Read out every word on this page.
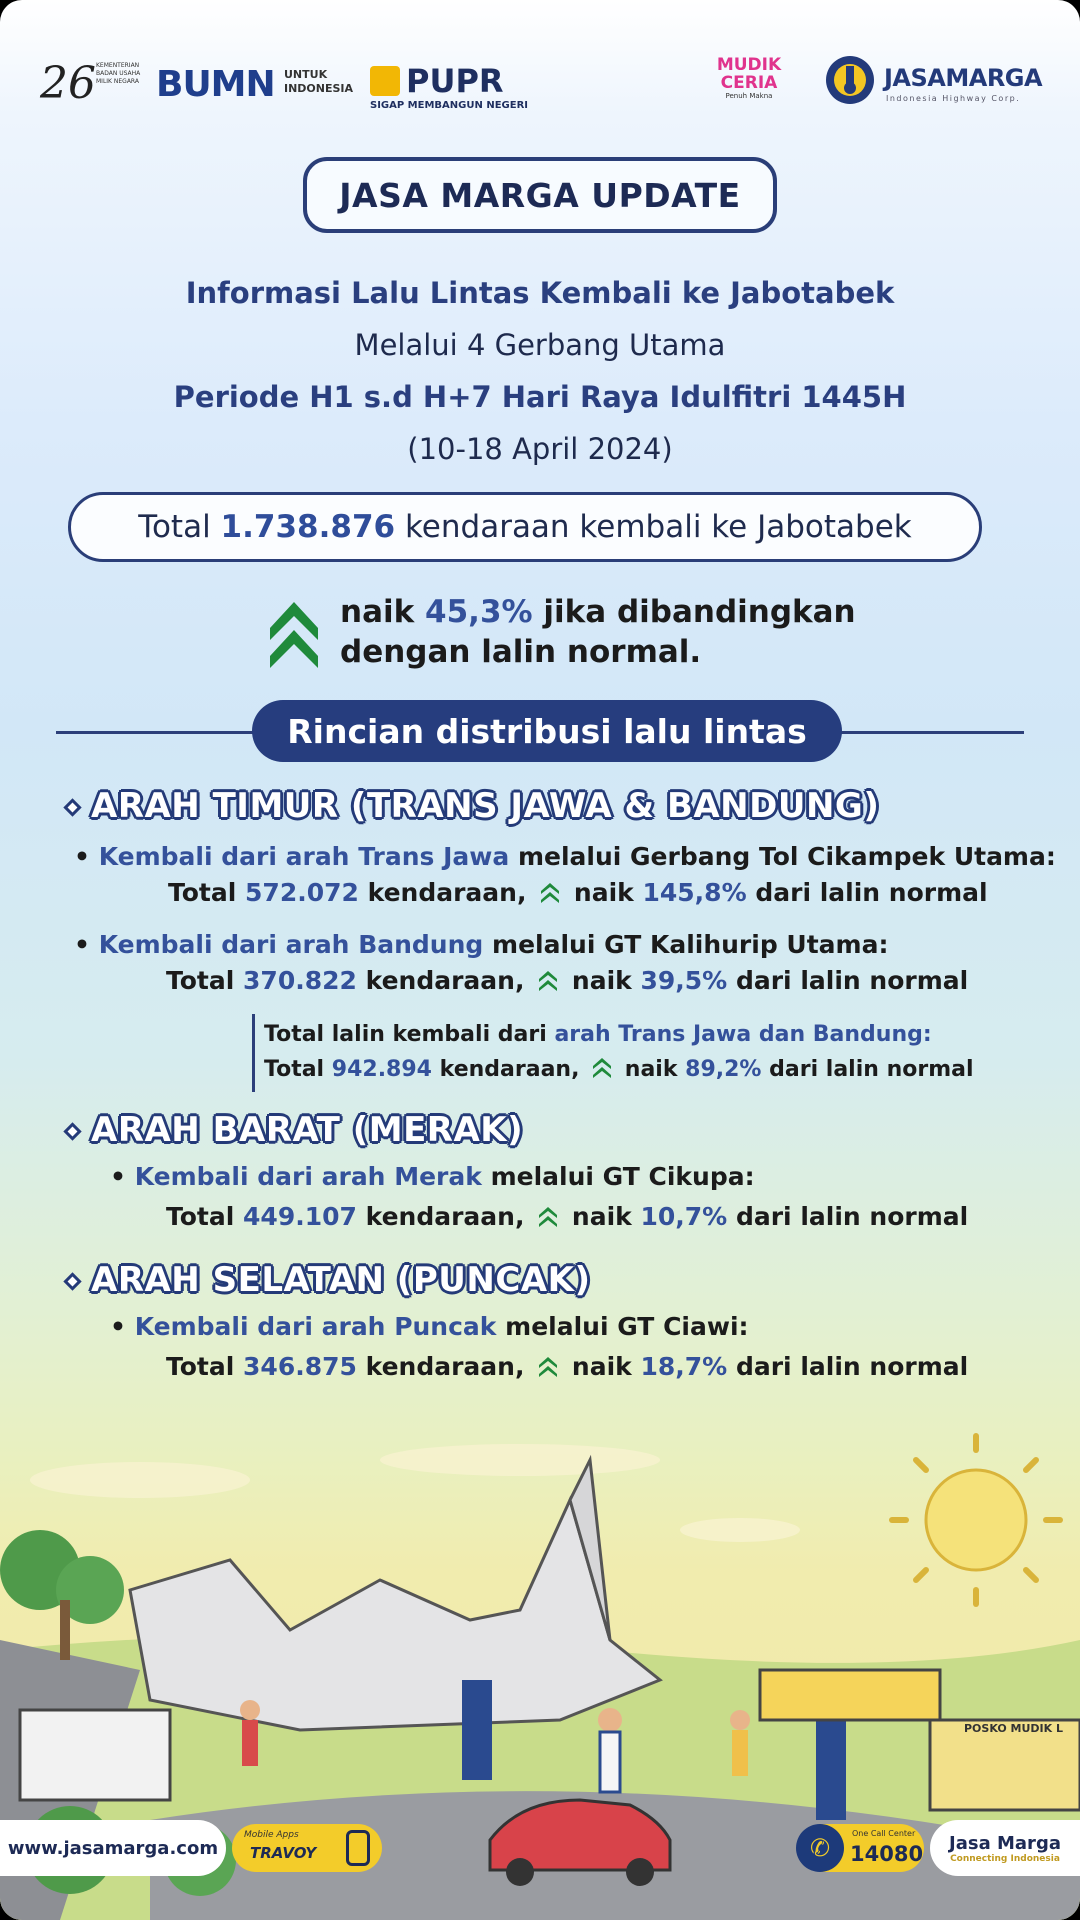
26 KEMENTERIAN BADAN USAHA MILIK NEGARA BUMN UNTUK
INDONESIA PUPR
SIGAP MEMBANGUN NEGERI
MUDIK
CERIA
Penuh Makna
JASAMARGA
Indonesia Highway Corp.
JASA MARGA UPDATE
Informasi Lalu Lintas Kembali ke Jabotabek
Melalui 4 Gerbang Utama
Periode H1 s.d H+7 Hari Raya Idulfitri 1445H
(10-18 April 2024)
Total
1.738.876
kendaraan kembali ke Jabotabek
naik 45,3% jika dibandingkan
dengan lalin normal.
Rincian distribusi lalu lintas
ARAH TIMUR (TRANS JAWA & BANDUNG)
• Kembali dari arah Trans Jawa melalui Gerbang Tol Cikampek Utama:
Total 572.072 kendaraan, naik 145,8% dari lalin normal
• Kembali dari arah Bandung melalui GT Kalihurip Utama:
Total 370.822 kendaraan, naik 39,5% dari lalin normal
Total lalin kembali dari arah Trans Jawa dan Bandung:
Total 942.894 kendaraan, naik 89,2% dari lalin normal
ARAH BARAT (MERAK)
• Kembali dari arah Merak melalui GT Cikupa:
Total 449.107 kendaraan, naik 10,7% dari lalin normal
ARAH SELATAN (PUNCAK)
• Kembali dari arah Puncak melalui GT Ciawi:
Total 346.875 kendaraan, naik 18,7% dari lalin normal
POSKO MUDIK L
www.jasamarga.com
Mobile Apps
TRAVOY	✆
One Call Center
14080 Jasa Marga
Connecting Indonesia
